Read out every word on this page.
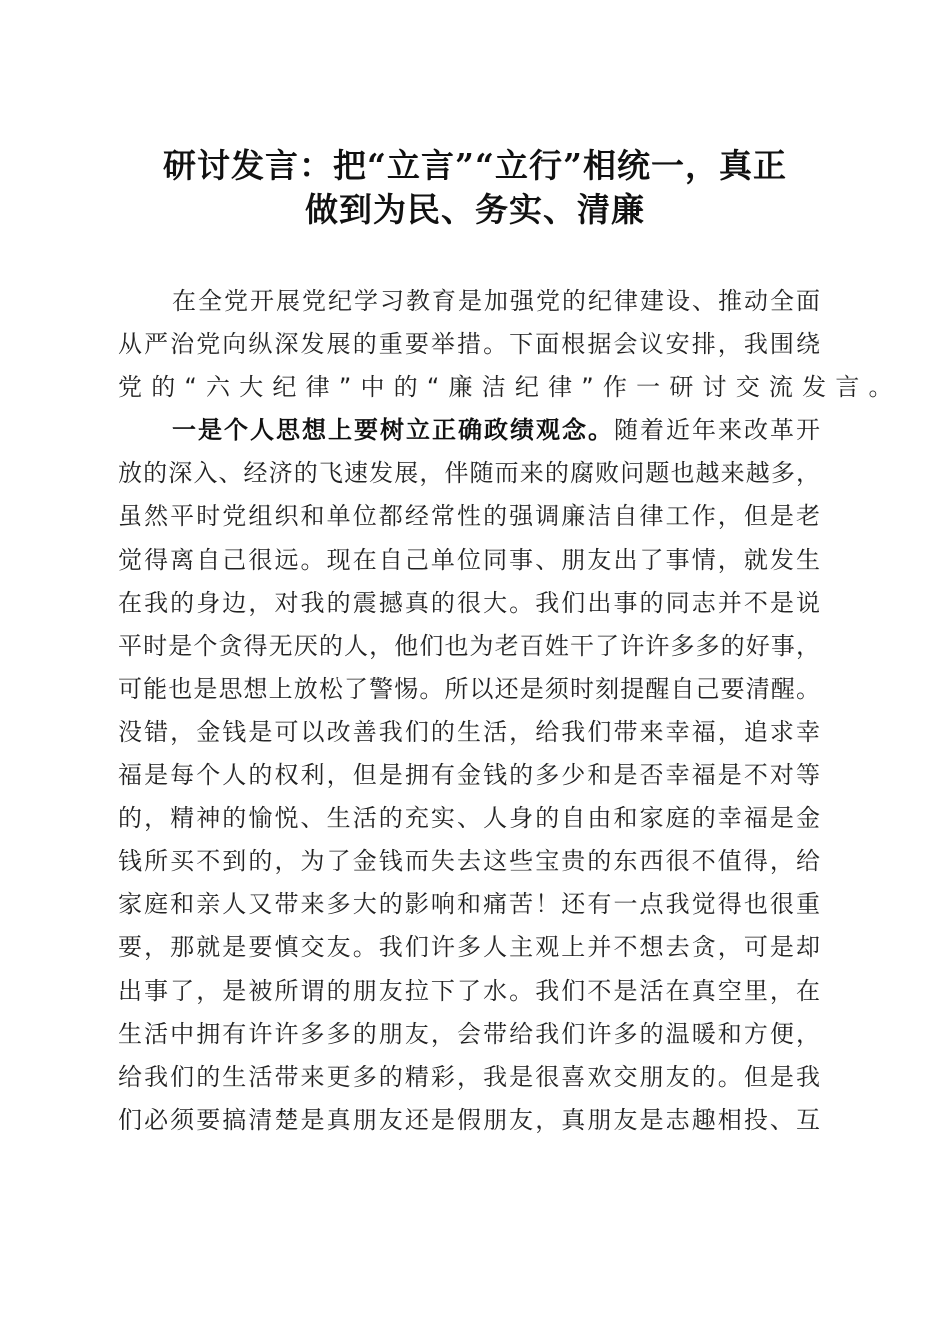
研讨发言：把“立言”“立行”相统一，真正
做到为民、务实、清廉
在全党开展党纪学习教育是加强党的纪律建设、推动全面
从严治党向纵深发展的重要举措。下面根据会议安排，我围绕
党的“六大纪律”中的“廉洁纪律”作一研讨交流发言。
一是个人思想上要树立正确政绩观念。随着近年来改革开
放的深入、经济的飞速发展，伴随而来的腐败问题也越来越多，
虽然平时党组织和单位都经常性的强调廉洁自律工作，但是老
觉得离自己很远。现在自己单位同事、朋友出了事情，就发生
在我的身边，对我的震撼真的很大。我们出事的同志并不是说
平时是个贪得无厌的人，他们也为老百姓干了许许多多的好事，
可能也是思想上放松了警惕。所以还是须时刻提醒自己要清醒。
没错，金钱是可以改善我们的生活，给我们带来幸福，追求幸
福是每个人的权利，但是拥有金钱的多少和是否幸福是不对等
的，精神的愉悦、生活的充实、人身的自由和家庭的幸福是金
钱所买不到的，为了金钱而失去这些宝贵的东西很不值得，给
家庭和亲人又带来多大的影响和痛苦！还有一点我觉得也很重
要，那就是要慎交友。我们许多人主观上并不想去贪，可是却
出事了，是被所谓的朋友拉下了水。我们不是活在真空里，在
生活中拥有许许多多的朋友，会带给我们许多的温暖和方便，
给我们的生活带来更多的精彩，我是很喜欢交朋友的。但是我
们必须要搞清楚是真朋友还是假朋友，真朋友是志趣相投、互
